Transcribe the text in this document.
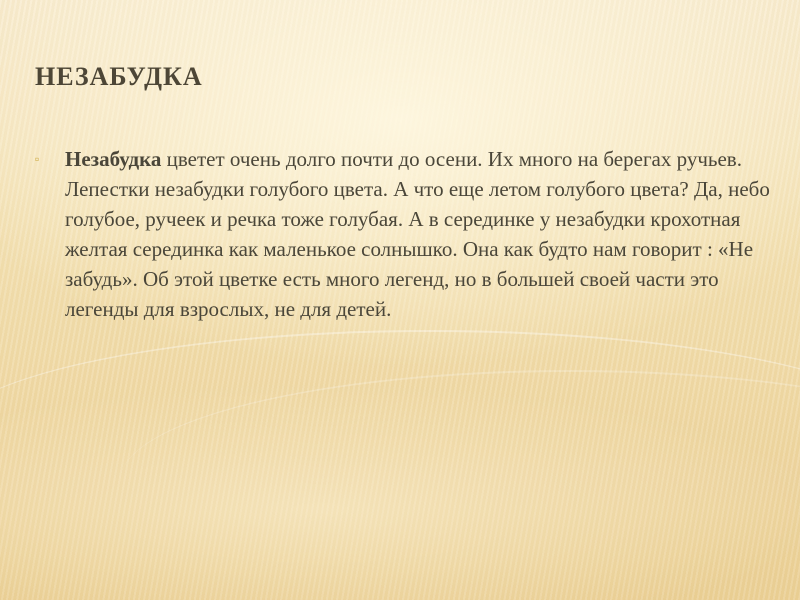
НЕЗАБУДКА
▫	Незабудка цветет очень долго почти до осени. Их много на берегах ручьев. Лепестки незабудки голубого цвета. А что еще летом голубого цвета? Да, небо голубое, ручеек и речка тоже голубая. А в серединке у незабудки крохотная желтая серединка как маленькое солнышко. Она как будто нам говорит : «Не забудь». Об этой цветке есть много легенд, но в большей своей части это легенды для взрослых, не для детей.
